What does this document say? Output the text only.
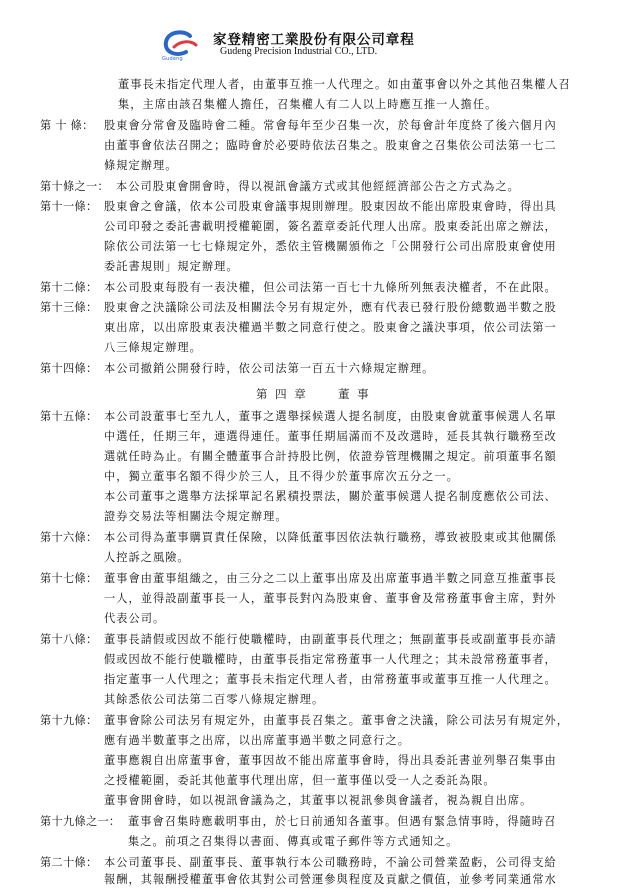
Gudeng
家登精密工業股份有限公司章程
Gudeng Precision Industrial CO., LTD.
董事長未指定代理人者，由董事互推一人代理之。如由董事會以外之其他召集權人召
集，主席由該召集權人擔任，召集權人有二人以上時應互推一人擔任。
第 十 條： 股東會分常會及臨時會二種。常會每年至少召集一次，於每會計年度終了後六個月內
由董事會依法召開之；臨時會於必要時依法召集之。股東會之召集依公司法第一七二
條規定辦理。
第十條之一： 本公司股東會開會時，得以視訊會議方式或其他經經濟部公告之方式為之。
第十一條： 股東會之會議，依本公司股東會議事規則辦理。股東因故不能出席股東會時，得出具
公司印發之委託書載明授權範圍，簽名蓋章委託代理人出席。股東委託出席之辦法，
除依公司法第一七七條規定外，悉依主管機關頒佈之「公開發行公司出席股東會使用
委託書規則」規定辦理。
第十二條： 本公司股東每股有一表決權，但公司法第一百七十九條所列無表決權者，不在此限。
第十三條： 股東會之決議除公司法及相關法令另有規定外，應有代表已發行股份總數過半數之股
東出席，以出席股東表決權過半數之同意行使之。股東會之議決事項，依公司法第一
八三條規定辦理。
第十四條： 本公司撤銷公開發行時，依公司法第一百五十六條規定辦理。
第 四 章	董 事
第十五條： 本公司設董事七至九人，董事之選舉採候選人提名制度，由股東會就董事候選人名單
中選任，任期三年，連選得連任。董事任期屆滿而不及改選時，延長其執行職務至改
選就任時為止。有關全體董事合計持股比例，依證券管理機關之規定。前項董事名額
中，獨立董事名額不得少於三人，且不得少於董事席次五分之一。
本公司董事之選舉方法採單記名累積投票法，關於董事候選人提名制度應依公司法、
證券交易法等相關法令規定辦理。
第十六條： 本公司得為董事購買責任保險，以降低董事因依法執行職務，導致被股東或其他關係
人控訴之風險。
第十七條： 董事會由董事組織之，由三分之二以上董事出席及出席董事過半數之同意互推董事長
一人，並得設副董事長一人，董事長對內為股東會、董事會及常務董事會主席，對外
代表公司。
第十八條： 董事長請假或因故不能行使職權時，由副董事長代理之；無副董事長或副董事長亦請
假或因故不能行使職權時，由董事長指定常務董事一人代理之；其未設常務董事者，
指定董事一人代理之；董事長未指定代理人者，由常務董事或董事互推一人代理之。
其餘悉依公司法第二百零八條規定辦理。
第十九條： 董事會除公司法另有規定外，由董事長召集之。董事會之決議，除公司法另有規定外，
應有過半數董事之出席，以出席董事過半數之同意行之。
董事應親自出席董事會，董事因故不能出席董事會時，得出具委託書並列舉召集事由
之授權範圍，委託其他董事代理出席，但一董事僅以受一人之委託為限。
董事會開會時，如以視訊會議為之，其董事以視訊參與會議者，視為親自出席。
第十九條之一： 董事會召集時應載明事由，於七日前通知各董事。但遇有緊急情事時，得隨時召
集之。前項之召集得以書面、傳真或電子郵件等方式通知之。
第二十條： 本公司董事長、副董事長、董事執行本公司職務時，不論公司營業盈虧，公司得支給
報酬，其報酬授權董事會依其對公司營運參與程度及貢獻之價值，並參考同業通常水
